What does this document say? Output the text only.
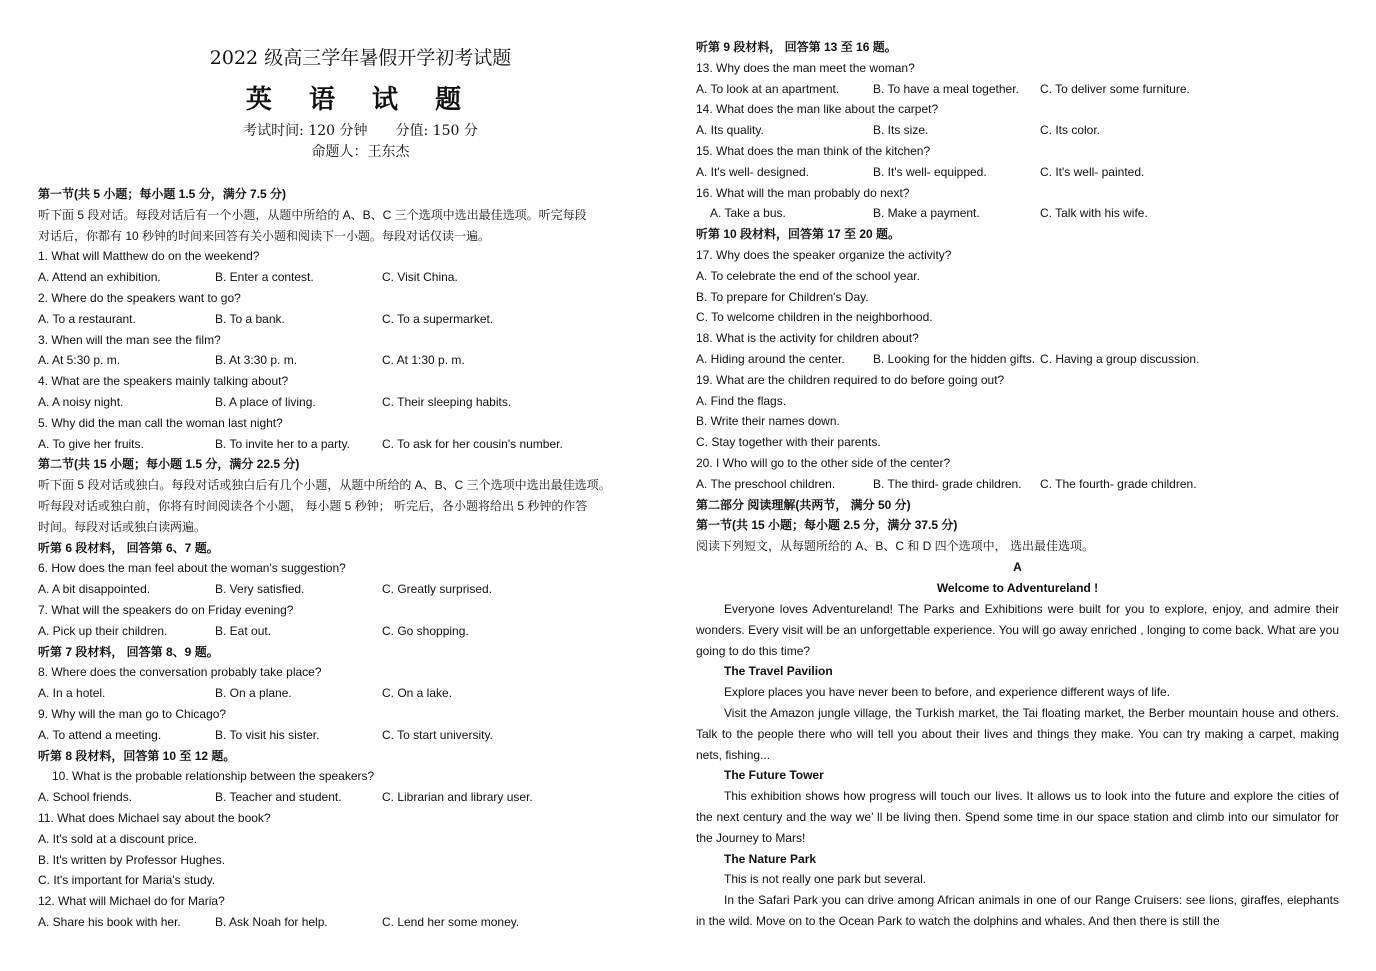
2022 级高三学年暑假开学初考试题
英 语 试 题
考试时间: 120 分钟 分值: 150 分
命题人：王东杰
第一节(共 5 小题；每小题 1.5 分，满分 7.5 分)
听下面 5 段对话。每段对话后有一个小题，从题中所给的 A、B、C 三个选项中选出最佳选项。听完每段
对话后，你都有 10 秒钟的时间来回答有关小题和阅读下一小题。每段对话仅读一遍。
1. What will Matthew do on the weekend?
A. Attend an exhibition.	B. Enter a contest.	C. Visit China.
2. Where do the speakers want to go?
A. To a restaurant.	B. To a bank.	C. To a supermarket.
3. When will the man see the film?
A. At 5:30 p. m.	B. At 3:30 p. m.	C. At 1:30 p. m.
4. What are the speakers mainly talking about?
A. A noisy night.	B. A place of living.	C. Their sleeping habits.
5. Why did the man call the woman last night?
A. To give her fruits.	B. To invite her to a party.	C. To ask for her cousin's number.
第二节(共 15 小题；每小题 1.5 分，满分 22.5 分)
听下面 5 段对话或独白。每段对话或独白后有几个小题，从题中所给的 A、B、C 三个选项中选出最佳选项。
听每段对话或独白前，你将有时间阅读各个小题， 每小题 5 秒钟； 听完后，各小题将给出 5 秒钟的作答
时间。每段对话或独白读两遍。
听第 6 段材料， 回答第 6、7 题。
6. How does the man feel about the woman's suggestion?
A. A bit disappointed.	B. Very satisfied.	C. Greatly surprised.
7. What will the speakers do on Friday evening?
A. Pick up their children.	B. Eat out.	C. Go shopping.
听第 7 段材料， 回答第 8、9 题。
8. Where does the conversation probably take place?
A. In a hotel.	B. On a plane.	C. On a lake.
9. Why will the man go to Chicago?
A. To attend a meeting.	B. To visit his sister.	C. To start university.
听第 8 段材料，回答第 10 至 12 题。
10. What is the probable relationship between the speakers?
A. School friends.	B. Teacher and student.	C. Librarian and library user.
11. What does Michael say about the book?
A. It's sold at a discount price.
B. It's written by Professor Hughes.
C. It's important for Maria's study.
12. What will Michael do for Maria?
A. Share his book with her.	B. Ask Noah for help.	C. Lend her some money.
听第 9 段材料， 回答第 13 至 16 题。
13. Why does the man meet the woman?
A. To look at an apartment.	B. To have a meal together.	C. To deliver some furniture.
14. What does the man like about the carpet?
A. Its quality.	B. Its size.	C. Its color.
15. What does the man think of the kitchen?
A. It's well- designed.	B. It's well- equipped.	C. It's well- painted.
16. What will the man probably do next?
A. Take a bus.	B. Make a payment.	C. Talk with his wife.
听第 10 段材料，回答第 17 至 20 题。
17. Why does the speaker organize the activity?
A. To celebrate the end of the school year.
B. To prepare for Children's Day.
C. To welcome children in the neighborhood.
18. What is the activity for children about?
A. Hiding around the center.	B. Looking for the hidden gifts. C. Having a group discussion.
19. What are the children required to do before going out?
A. Find the flags.
B. Write their names down.
C. Stay together with their parents.
20. I Who will go to the other side of the center?
A. The preschool children.	B. The third- grade children.	C. The fourth- grade children.
第二部分 阅读理解(共两节， 满分 50 分)
第一节(共 15 小题；每小题 2.5 分，满分 37.5 分)
阅读下列短文，从每题所给的 A、B、C 和 D 四个选项中， 选出最佳选项。
A
Welcome to Adventureland !
Everyone loves Adventureland! The Parks and Exhibitions were built for you to explore, enjoy, and admire their wonders. Every visit will be an unforgettable experience. You will go away enriched , longing to come back. What are you going to do this time?
The Travel Pavilion
Explore places you have never been to before, and experience different ways of life.
Visit the Amazon jungle village, the Turkish market, the Tai floating market, the Berber mountain house and others. Talk to the people there who will tell you about their lives and things they make. You can try making a carpet, making nets, fishing...
The Future Tower
This exhibition shows how progress will touch our lives. It allows us to look into the future and explore the cities of the next century and the way we’ ll be living then. Spend some time in our space station and climb into our simulator for the Journey to Mars!
The Nature Park
This is not really one park but several.
In the Safari Park you can drive among African animals in one of our Range Cruisers: see lions, giraffes, elephants in the wild. Move on to the Ocean Park to watch the dolphins and whales. And then there is still the
